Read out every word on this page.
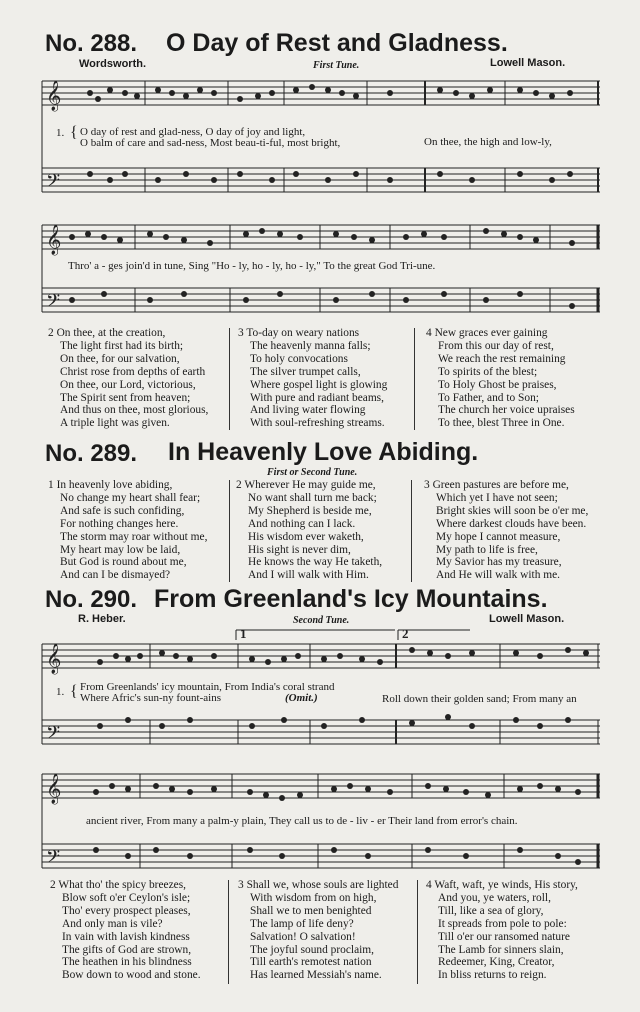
No. 288. O Day of Rest and Gladness.
Wordsworth.	First Tune.	Lowell Mason.
𝄞
𝄢
1. { O day of rest and glad-ness, O day of joy and light,
O balm of care and sad-ness, Most beau-ti-ful, most bright,	On thee, the high and low-ly,
𝄞
𝄢
Thro' a - ges join'd in tune, Sing "Ho - ly, ho - ly, ho - ly," To the great God Tri-une.
2 On thee, at the creation,
The light first had its birth;
On thee, for our salvation,
Christ rose from depths of earth
On thee, our Lord, victorious,
The Spirit sent from heaven;
And thus on thee, most glorious,
A triple light was given.
3 To-day on weary nations
The heavenly manna falls;
To holy convocations
The silver trumpet calls,
Where gospel light is glowing
With pure and radiant beams,
And living water flowing
With soul-refreshing streams.
4 New graces ever gaining
From this our day of rest,
We reach the rest remaining
To spirits of the blest;
To Holy Ghost be praises,
To Father, and to Son;
The church her voice upraises
To thee, blest Three in One.
No. 289. In Heavenly Love Abiding.
First or Second Tune.
1 In heavenly love abiding,
No change my heart shall fear;
And safe is such confiding,
For nothing changes here.
The storm may roar without me,
My heart may low be laid,
But God is round about me,
And can I be dismayed?
2 Wherever He may guide me,
No want shall turn me back;
My Shepherd is beside me,
And nothing can I lack.
His wisdom ever waketh,
His sight is never dim,
He knows the way He taketh,
And I will walk with Him.
3 Green pastures are before me,
Which yet I have not seen;
Bright skies will soon be o'er me,
Where darkest clouds have been.
My hope I cannot measure,
My path to life is free,
My Savior has my treasure,
And He will walk with me.
No. 290. From Greenland's Icy Mountains.
R. Heber.	Second Tune.	Lowell Mason.
1	2
𝄞
𝄢
1. { From Greenlands' icy mountain, From India's coral strand
Where Afric's sun-ny fount-ains	(Omit.)	Roll down their golden sand; From many an
𝄞
𝄢
ancient river, From many a palm-y plain, They call us to de - liv - er Their land from error's chain.
2 What tho' the spicy breezes,
Blow soft o'er Ceylon's isle;
Tho' every prospect pleases,
And only man is vile?
In vain with lavish kindness
The gifts of God are strown,
The heathen in his blindness
Bow down to wood and stone.
3 Shall we, whose souls are lighted
With wisdom from on high,
Shall we to men benighted
The lamp of life deny?
Salvation! O salvation!
The joyful sound proclaim,
Till earth's remotest nation
Has learned Messiah's name.
4 Waft, waft, ye winds, His story,
And you, ye waters, roll,
Till, like a sea of glory,
It spreads from pole to pole:
Till o'er our ransomed nature
The Lamb for sinners slain,
Redeemer, King, Creator,
In bliss returns to reign.
